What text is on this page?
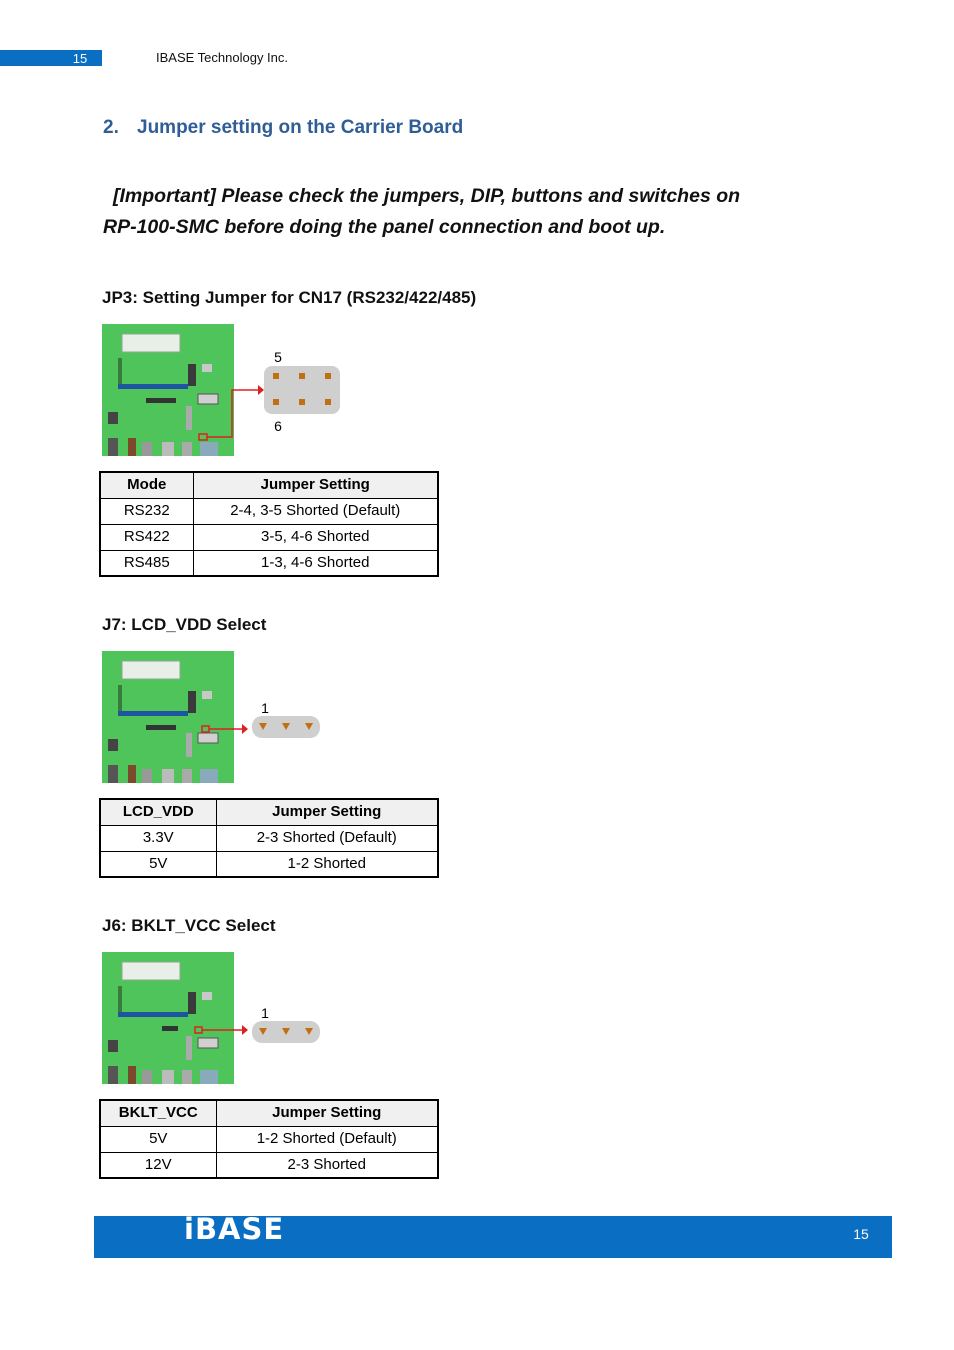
15	IBASE Technology Inc.
2. Jumper setting on the Carrier Board
[Important] Please check the jumpers, DIP, buttons and switches on
RP-100-SMC before doing the panel connection and boot up.
JP3: Setting Jumper for CN17 (RS232/422/485)
5
6
Mode	Jumper Setting
RS232	2-4, 3-5 Shorted (Default)
RS422	3-5, 4-6 Shorted
RS485	1-3, 4-6 Shorted
J7: LCD_VDD Select
1
LCD_VDD	Jumper Setting
3.3V	2-3 Shorted (Default)
5V	1-2 Shorted
J6: BKLT_VCC Select
1
BKLT_VCC	Jumper Setting
5V	1-2 Shorted (Default)
12V	2-3 Shorted
iBASE	15
